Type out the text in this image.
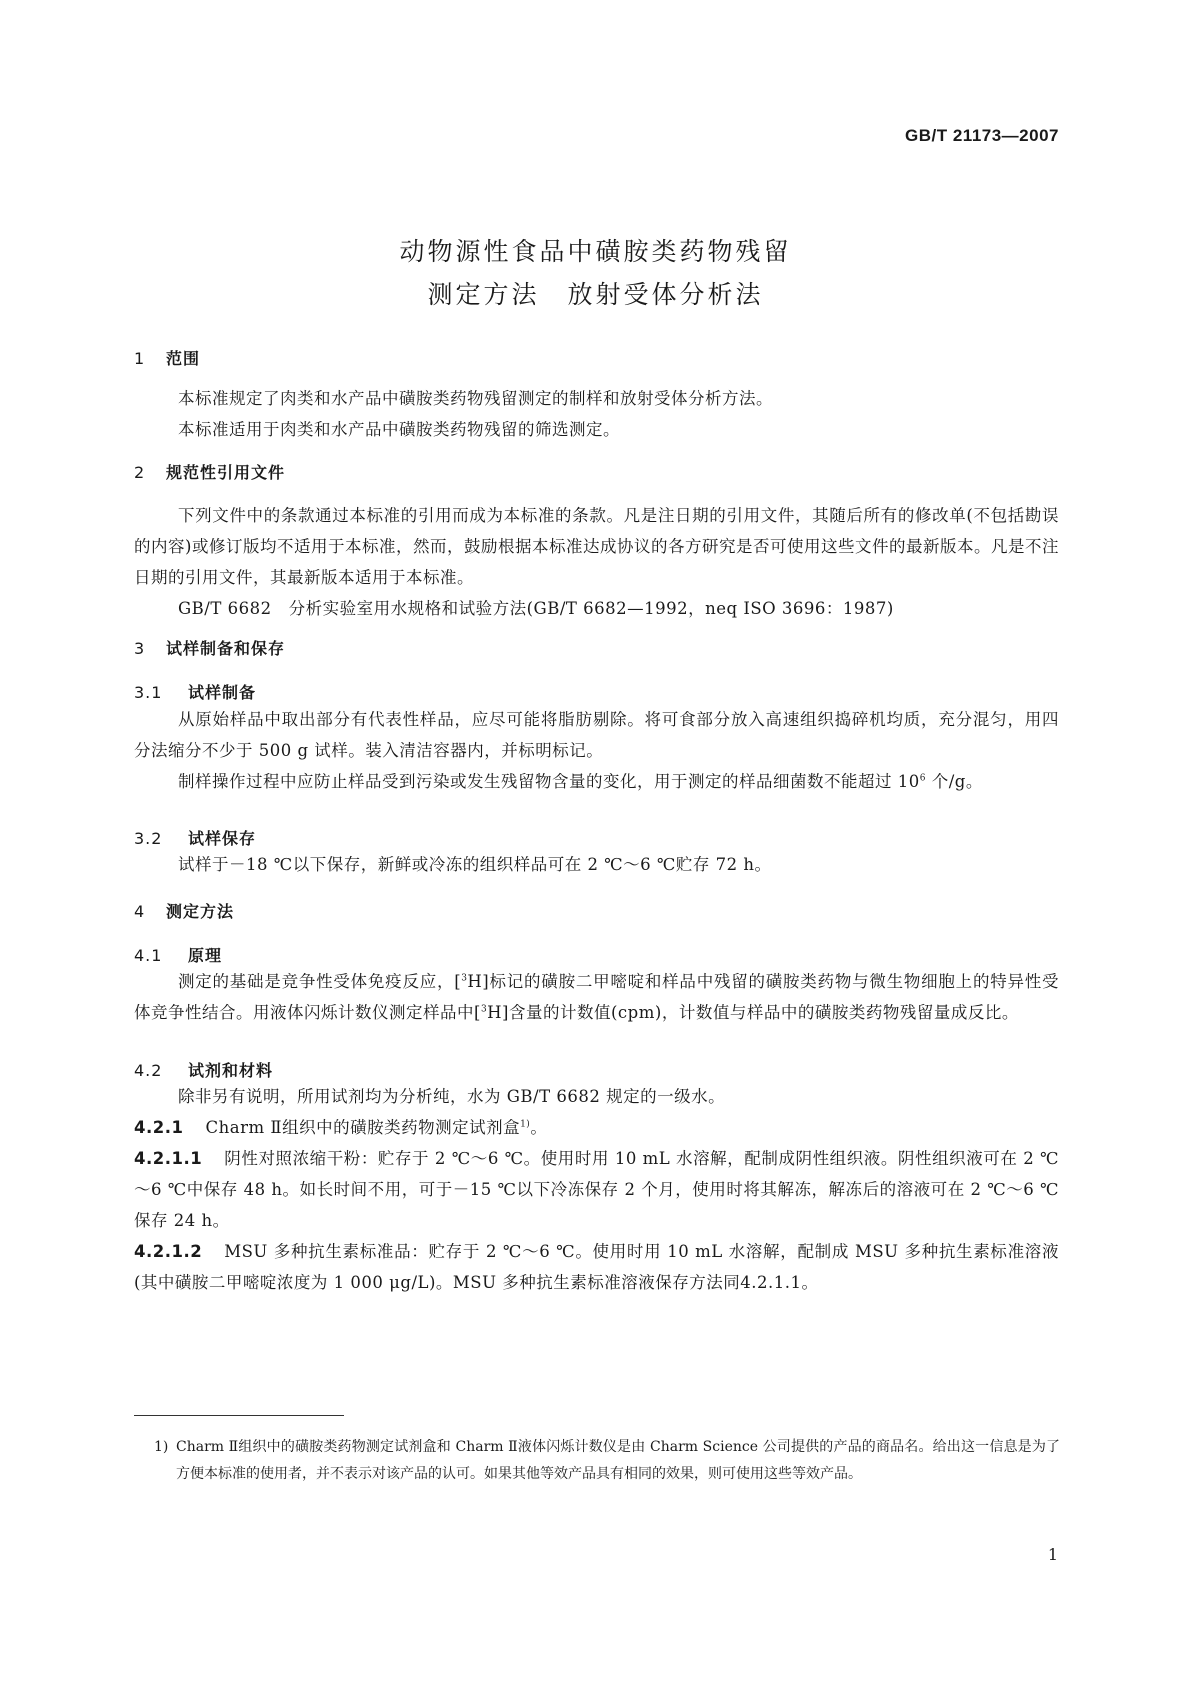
GB/T 21173—2007
动物源性食品中磺胺类药物残留
测定方法　放射受体分析法
1 范围

本标准规定了肉类和水产品中磺胺类药物残留测定的制样和放射受体分析方法。

本标准适用于肉类和水产品中磺胺类药物残留的筛选测定。

2 规范性引用文件

下列文件中的条款通过本标准的引用而成为本标准的条款。凡是注日期的引用文件，其随后所有的修改单(不包括勘误的内容)或修订版均不适用于本标准，然而，鼓励根据本标准达成协议的各方研究是否可使用这些文件的最新版本。凡是不注日期的引用文件，其最新版本适用于本标准。

GB/T 6682　分析实验室用水规格和试验方法(GB/T 6682—1992，neq ISO 3696：1987)

3 试样制备和保存
3.1 试样制备

从原始样品中取出部分有代表性样品，应尽可能将脂肪剔除。将可食部分放入高速组织捣碎机均质，充分混匀，用四分法缩分不少于 500 g 试样。装入清洁容器内，并标明标记。

制样操作过程中应防止样品受到污染或发生残留物含量的变化，用于测定的样品细菌数不能超过 $10^6$ 个/g。

3.2 试样保存

试样于－18 ℃以下保存，新鲜或冷冻的组织样品可在 2 ℃～6 ℃贮存 72 h。

4 测定方法
4.1 原理

测定的基础是竞争性受体免疫反应，[$^3$H]标记的磺胺二甲嘧啶和样品中残留的磺胺类药物与微生物细胞上的特异性受体竞争性结合。用液体闪烁计数仪测定样品中[$^3$H]含量的计数值(cpm)，计数值与样品中的磺胺类药物残留量成反比。

4.2 试剂和材料

除非另有说明，所用试剂均为分析纯，水为 GB/T 6682 规定的一级水。

4.2.1 Charm Ⅱ组织中的磺胺类药物测定试剂盒$^{1)}$。

4.2.1.1 阴性对照浓缩干粉：贮存于 2 ℃～6 ℃。使用时用 10 mL 水溶解，配制成阴性组织液。阴性组织液可在 2 ℃～6 ℃中保存 48 h。如长时间不用，可于－15 ℃以下冷冻保存 2 个月，使用时将其解冻，解冻后的溶液可在 2 ℃～6 ℃保存 24 h。

4.2.1.2 MSU 多种抗生素标准品：贮存于 2 ℃～6 ℃。使用时用 10 mL 水溶解，配制成 MSU 多种抗生素标准溶液(其中磺胺二甲嘧啶浓度为 1 000 μg/L)。MSU 多种抗生素标准溶液保存方法同4.2.1.1。

1) Charm Ⅱ组织中的磺胺类药物测定试剂盒和 Charm Ⅱ液体闪烁计数仪是由 Charm Science 公司提供的产品的商品名。给出这一信息是为了方便本标准的使用者，并不表示对该产品的认可。如果其他等效产品具有相同的效果，则可使用这些等效产品。

1
